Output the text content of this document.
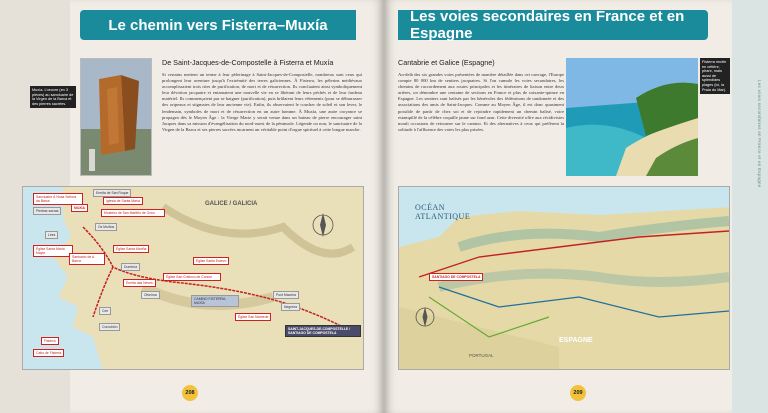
Le chemin vers Fisterra–Muxía
Muxía. L'œuvre (en 3 pièces) au sanctuaire de la Virgen de la Barca et des pierres sacrées.
De Saint-Jacques-de-Compostelle à Fisterra et Muxía
Si certains mettent un terme à leur pèlerinage à Saint-Jacques-de-Compostelle, nombreux sont ceux qui prolongent leur aventure jusqu'à l'extrémité des terres galiciennes. À Fisterra, les pèlerins médiévaux accomplissaient trois rites de purification, de mort et de résurrection. Ils concluaient ainsi symboliquement leur dévotion jacquaire et entamaient une nouvelle vie en se libérant de leurs péchés et de leur fardeau matériel. Ils commençaient par se baigner (purification), puis brûlaient leurs vêtements (pour se débarrasser des oripeaux et stigmates de leur ancienne vie). Enfin, ils observaient le coucher de soleil et son lever, le lendemain, symboles de mort et de résurrection en un autre homme. À Muxía, une autre croyance se propagea dès le Moyen Âge : la Vierge Marie y serait venue dans un bateau de pierre encourager saint Jacques dans sa mission d'évangélisation du nord-ouest de la péninsule. Légende ou non, le sanctuaire de la Virgen de la Barca et ses pierres sacrées incarnent un véritable point d'orgue spirituel à cette longue marche.
GALICE / GALICIA
Sanctuaire À Nosa Señora da Barca
Piedras sacras
MUXÍA
Ermita de San Roque
Iglesia de Santa María
Mosteiro de San Martiño de Ozón
Os Muiños
Lires
Cee
Corcubión
Fisterra
Cabo de Fisterra
Église Santa María Mayor
Santuario de A Barca
Dumbría
Église Santa Mariña
Ermita das Neves
Olveiroa
Église San Cristovo de Corzón
Pont Maceira
Negreira
Église Santo Estevo
Église San Mamede
SAINT-JACQUES-DE-COMPOSTELLE / SANTIAGO DE COMPOSTELA
CAMINO FISTERRA-MUXÍA
208
Les voies secondaires en France et en Espagne
Les voies secondaires en France et en Espagne
Cantabrie et Galice (Espagne)
Au-delà des six grandes voies présentées de manière détaillée dans cet ouvrage, l'Europe compte 80 000 km de sentiers jacquaires. Si l'on cumule les voies secondaires, les chemins de raccordement aux routes principales et les itinéraires de liaison entre deux artères, on dénombre une centaine de sections en France et plus de soixante-quinze en Espagne. Les sentiers sont balisés par les bénévoles des fédérations de randonnée et des associations des amis de Saint-Jacques. Comme au Moyen Âge, il est donc quasiment possible de partir de chez soi et de rejoindre rapidement un chemin balisé, voire estampillé de la célèbre coquille jaune sur fond azur. Cette diversité offre aux récidivistes moult occasions de retourner sur le camino. Et des alternatives à ceux qui préfèrent la solitude à l'affluence des voies les plus prisées.
Fisterra recèle en cétière, phare, mais aussi de splendides plages (ici, la Praia do Mar).
OCÉAN ATLANTIQUE
SANTIAGO DE COMPOSTELA
ESPAGNE
PORTUGAL
209
